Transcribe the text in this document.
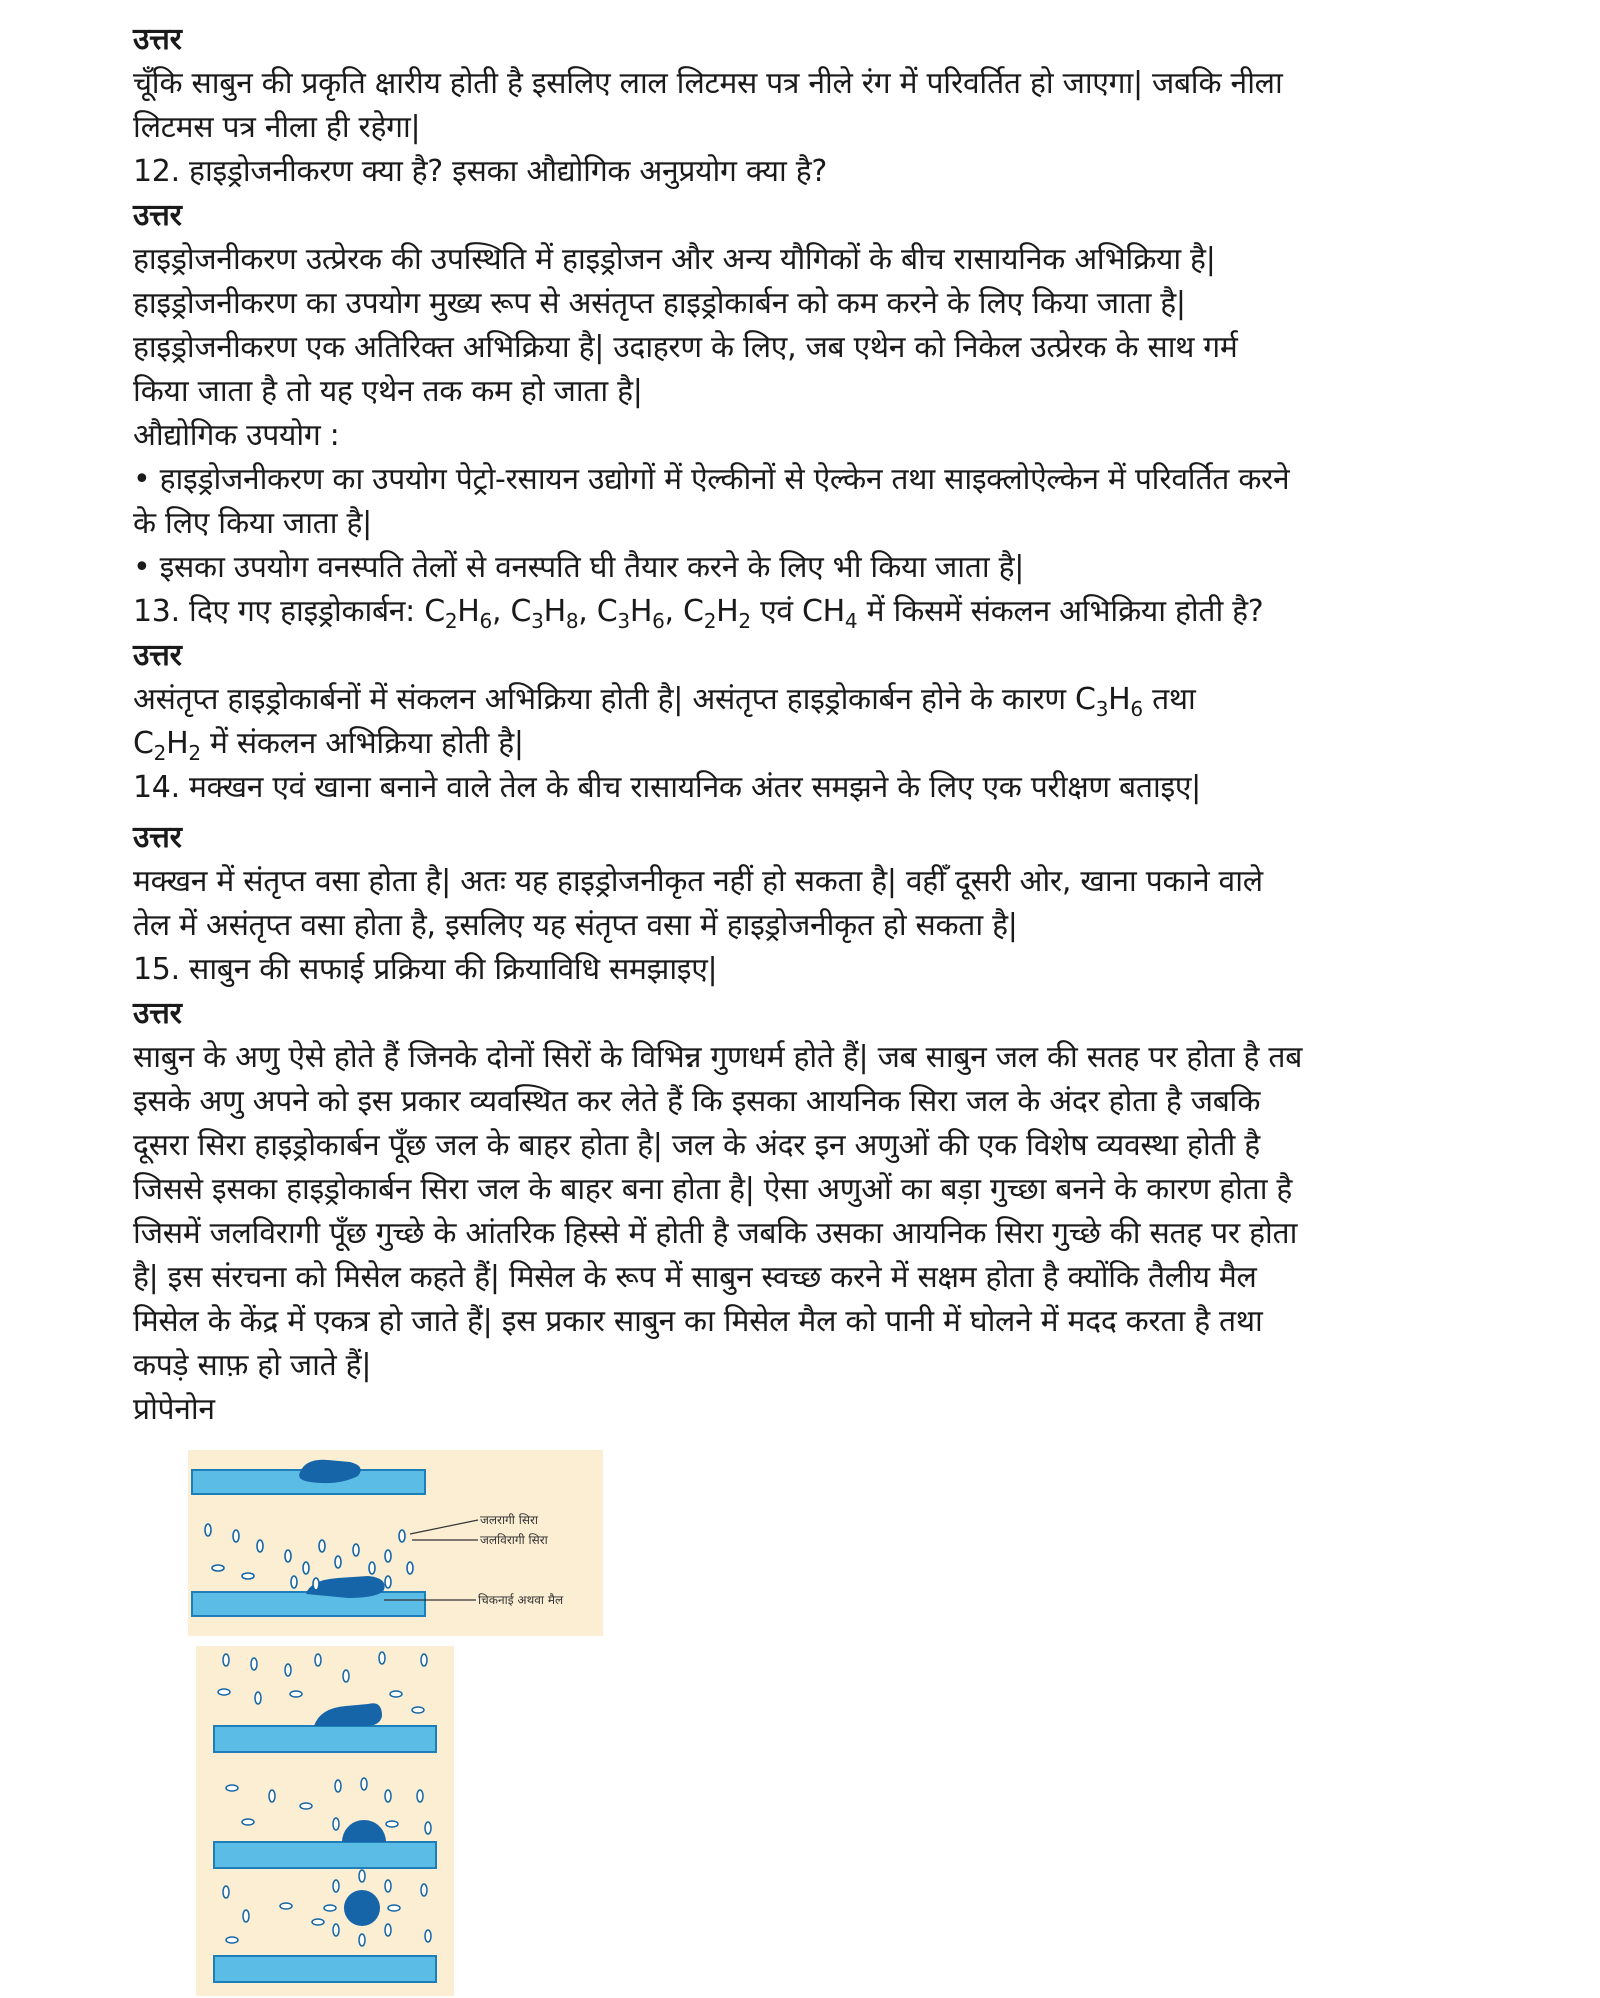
उत्तर
चूँकि साबुन की प्रकृति क्षारीय होती है इसलिए लाल लिटमस पत्र नीले रंग में परिवर्तित हो जाएगा| जबकि नीला
लिटमस पत्र नीला ही रहेगा|
12. हाइड्रोजनीकरण क्या है? इसका औद्योगिक अनुप्रयोग क्या है?
उत्तर
हाइड्रोजनीकरण उत्प्रेरक की उपस्थिति में हाइड्रोजन और अन्य यौगिकों के बीच रासायनिक अभिक्रिया है|
हाइड्रोजनीकरण का उपयोग मुख्य रूप से असंतृप्त हाइड्रोकार्बन को कम करने के लिए किया जाता है|
हाइड्रोजनीकरण एक अतिरिक्त अभिक्रिया है| उदाहरण के लिए, जब एथेन को निकेल उत्प्रेरक के साथ गर्म
किया जाता है तो यह एथेन तक कम हो जाता है|
औद्योगिक उपयोग :
• हाइड्रोजनीकरण का उपयोग पेट्रो-रसायन उद्योगों में ऐल्कीनों से ऐल्केन तथा साइक्लोऐल्केन में परिवर्तित करने
के लिए किया जाता है|
• इसका उपयोग वनस्पति तेलों से वनस्पति घी तैयार करने के लिए भी किया जाता है|
13. दिए गए हाइड्रोकार्बन: $C_2H_6$, $C_3H_8$, $C_3H_6$, $C_2H_2$ एवं $CH_4$ में किसमें संकलन अभिक्रिया होती है?
उत्तर
असंतृप्त हाइड्रोकार्बनों में संकलन अभिक्रिया होती है| असंतृप्त हाइड्रोकार्बन होने के कारण $C_3H_6$ तथा
$C_2H_2$ में संकलन अभिक्रिया होती है|
14. मक्खन एवं खाना बनाने वाले तेल के बीच रासायनिक अंतर समझने के लिए एक परीक्षण बताइए|
उत्तर
मक्खन में संतृप्त वसा होता है| अतः यह हाइड्रोजनीकृत नहीं हो सकता है| वहीँ दूसरी ओर, खाना पकाने वाले
तेल में असंतृप्त वसा होता है, इसलिए यह संतृप्त वसा में हाइड्रोजनीकृत हो सकता है|
15. साबुन की सफाई प्रक्रिया की क्रियाविधि समझाइए|
उत्तर
साबुन के अणु ऐसे होते हैं जिनके दोनों सिरों के विभिन्न गुणधर्म होते हैं| जब साबुन जल की सतह पर होता है तब
इसके अणु अपने को इस प्रकार व्यवस्थित कर लेते हैं कि इसका आयनिक सिरा जल के अंदर होता है जबकि
दूसरा सिरा हाइड्रोकार्बन पूँछ जल के बाहर होता है| जल के अंदर इन अणुओं की एक विशेष व्यवस्था होती है
जिससे इसका हाइड्रोकार्बन सिरा जल के बाहर बना होता है| ऐसा अणुओं का बड़ा गुच्छा बनने के कारण होता है
जिसमें जलविरागी पूँछ गुच्छे के आंतरिक हिस्से में होती है जबकि उसका आयनिक सिरा गुच्छे की सतह पर होता
है| इस संरचना को मिसेल कहते हैं| मिसेल के रूप में साबुन स्वच्छ करने में सक्षम होता है क्योंकि तैलीय मैल
मिसेल के केंद्र में एकत्र हो जाते हैं| इस प्रकार साबुन का मिसेल मैल को पानी में घोलने में मदद करता है तथा
कपड़े साफ़ हो जाते हैं|
प्रोपेनोन
जलरागी सिरा
जलविरागी सिरा
चिकनाई अथवा मैल
